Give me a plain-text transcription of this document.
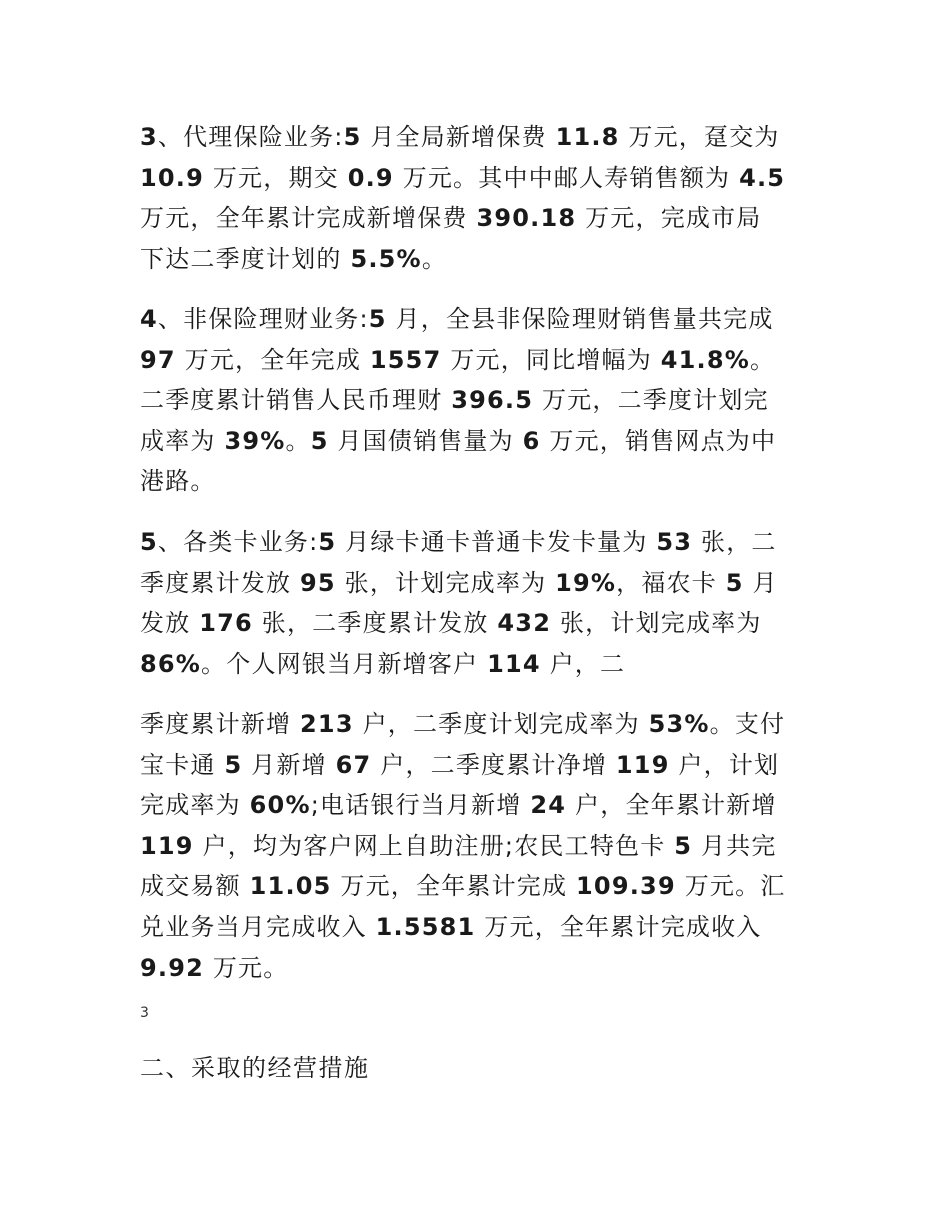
3、代理保险业务:5 月全局新增保费 11.8 万元，趸交为
10.9 万元，期交 0.9 万元。其中中邮人寿销售额为 4.5
万元，全年累计完成新增保费 390.18 万元，完成市局
下达二季度计划的 5.5%。
4、非保险理财业务:5 月，全县非保险理财销售量共完成
97 万元，全年完成 1557 万元，同比增幅为 41.8%。
二季度累计销售人民币理财 396.5 万元，二季度计划完
成率为 39%。5 月国债销售量为 6 万元，销售网点为中
港路。
5、各类卡业务:5 月绿卡通卡普通卡发卡量为 53 张，二
季度累计发放 95 张，计划完成率为 19%，福农卡 5 月
发放 176 张，二季度累计发放 432 张，计划完成率为
86%。个人网银当月新增客户 114 户，二
季度累计新增 213 户，二季度计划完成率为 53%。支付
宝卡通 5 月新增 67 户，二季度累计净增 119 户，计划
完成率为 60%;电话银行当月新增 24 户，全年累计新增
119 户，均为客户网上自助注册;农民工特色卡 5 月共完
成交易额 11.05 万元，全年累计完成 109.39 万元。汇
兑业务当月完成收入 1.5581 万元，全年累计完成收入
9.92 万元。
3
二、采取的经营措施
